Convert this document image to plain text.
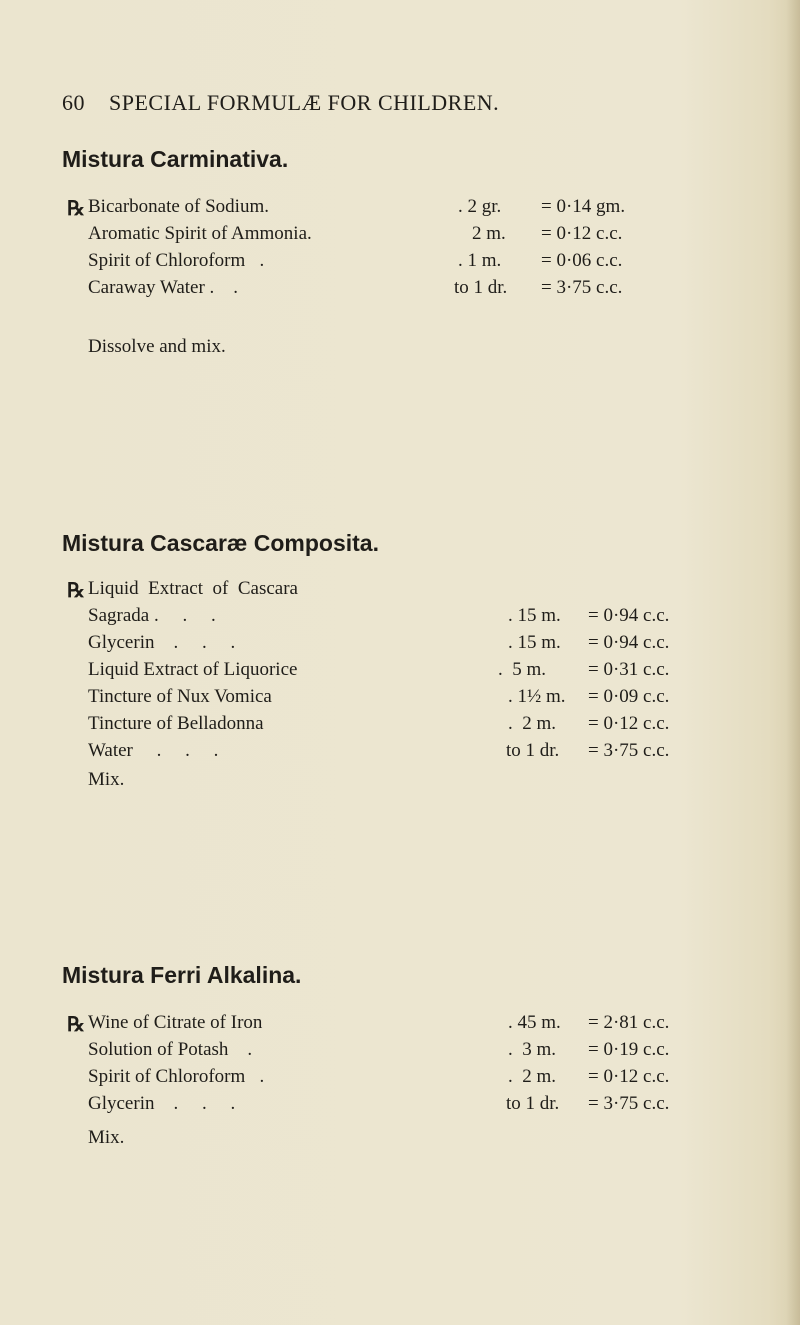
60 SPECIAL FORMULÆ FOR CHILDREN.
Mistura Carminativa.
℞ Bicarbonate of Sodium.	. 2 gr.	= 0·14 gm.
Aromatic Spirit of Ammonia.	2 m.	= 0·12 c.c.
Spirit of Chloroform   .	. 1 m.	= 0·06 c.c.
Caraway Water .    .	to 1 dr.	= 3·75 c.c.
Dissolve and mix.
Mistura Cascaræ Composita.
℞ Liquid  Extract  of  Cascara
Sagrada .     .     .	. 15 m.	= 0·94 c.c.
Glycerin    .     .     .	. 15 m.	= 0·94 c.c.
Liquid Extract of Liquorice	.  5 m.	= 0·31 c.c.
Tincture of Nux Vomica	. 1½ m.	= 0·09 c.c.
Tincture of Belladonna	.  2 m.	= 0·12 c.c.
Water     .     .     .	to 1 dr.	= 3·75 c.c.
Mix.
Mistura Ferri Alkalina.
℞ Wine of Citrate of Iron	. 45 m.	= 2·81 c.c.
Solution of Potash    .	.  3 m.	= 0·19 c.c.
Spirit of Chloroform   .	.  2 m.	= 0·12 c.c.
Glycerin    .     .     .	to 1 dr.	= 3·75 c.c.
Mix.
